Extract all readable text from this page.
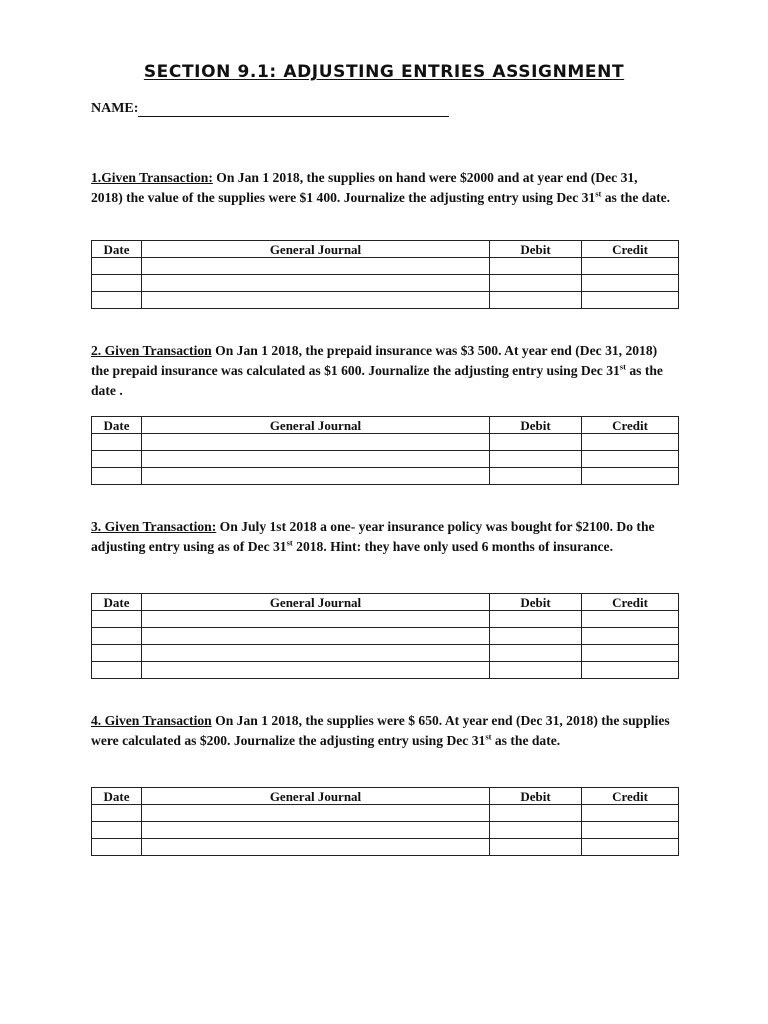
SECTION 9.1: ADJUSTING ENTRIES ASSIGNMENT
NAME:
1.Given Transaction: On Jan 1 2018, the supplies on hand were $2000 and at year end (Dec 31, 2018) the value of the supplies were $1 400. Journalize the adjusting entry using Dec 31st as the date.
Date	General Journal	Debit	Credit

2. Given Transaction On Jan 1 2018, the prepaid insurance was $3 500. At year end (Dec 31, 2018) the prepaid insurance was calculated as $1 600. Journalize the adjusting entry using Dec 31st as the date .
Date	General Journal	Debit	Credit

3. Given Transaction: On July 1st 2018 a one- year insurance policy was bought for $2100. Do the adjusting entry using as of Dec 31st 2018. Hint: they have only used 6 months of insurance.
Date	General Journal	Debit	Credit

4. Given Transaction On Jan 1 2018, the supplies were $ 650. At year end (Dec 31, 2018) the supplies were calculated as $200. Journalize the adjusting entry using Dec 31st as the date.
Date	General Journal	Debit	Credit
